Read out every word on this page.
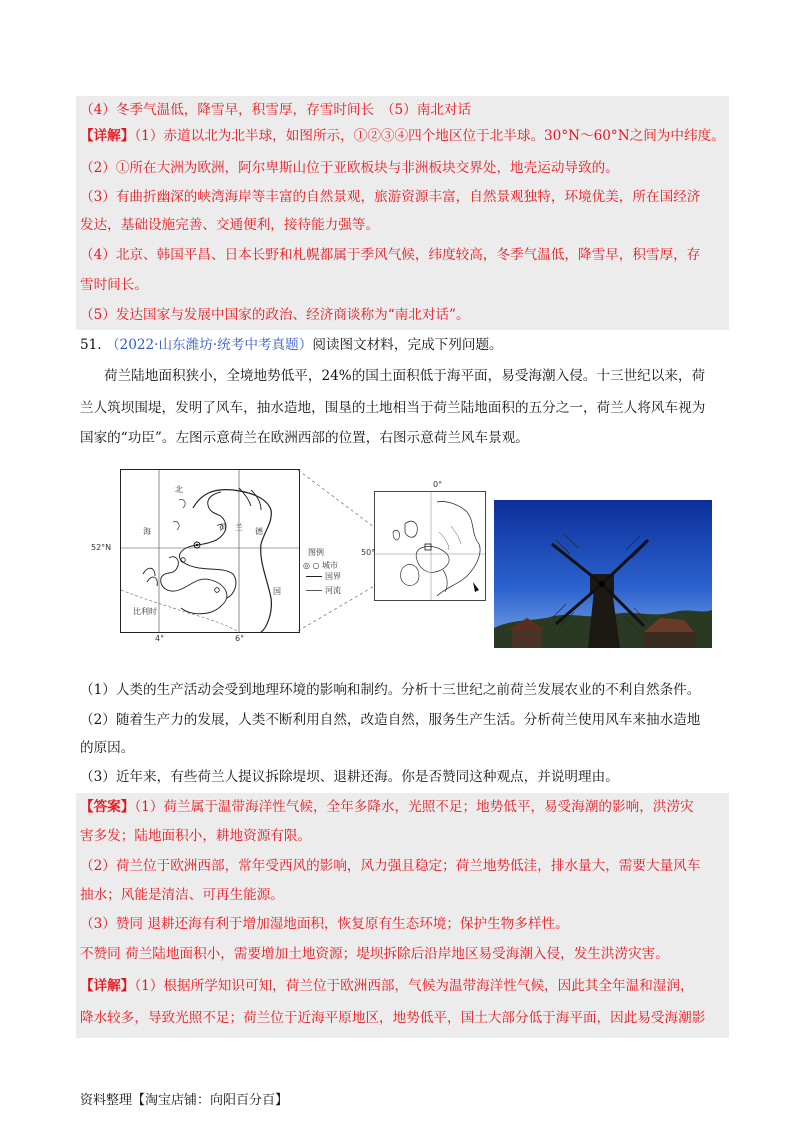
（4）冬季气温低，降雪早，积雪厚，存雪时间长　（5）南北对话
【详解】（1）赤道以北为北半球，如图所示，①②③④四个地区位于北半球。30°N～60°N之间为中纬度。
（2）①所在大洲为欧洲，阿尔卑斯山位于亚欧板块与非洲板块交界处，地壳运动导致的。
（3）有曲折幽深的峡湾海岸等丰富的自然景观，旅游资源丰富，自然景观独特，环境优美，所在国经济
发达，基础设施完善、交通便利，接待能力强等。
（4）北京、韩国平昌、日本长野和札幌都属于季风气候，纬度较高，冬季气温低，降雪早，积雪厚，存
雪时间长。
（5）发达国家与发展中国家的政治、经济商谈称为“南北对话”。
51. （2022·山东潍坊·统考中考真题）阅读图文材料，完成下列问题。
荷兰陆地面积狭小，全境地势低平，24%的国土面积低于海平面，易受海潮入侵。十三世纪以来，荷
兰人筑坝围堤，发明了风车，抽水造地，围垦的土地相当于荷兰陆地面积的五分之一，荷兰人将风车视为
国家的“功臣”。左图示意荷兰在欧洲西部的位置，右图示意荷兰风车景观。
北
海	荷　兰 德
国
52°N
比利时
4°	6°
图例
◎ ○ 城市
国界
河流
0°
50°
（1）人类的生产活动会受到地理环境的影响和制约。分析十三世纪之前荷兰发展农业的不利自然条件。
（2）随着生产力的发展，人类不断利用自然，改造自然，服务生产生活。分析荷兰使用风车来抽水造地
的原因。
（3）近年来，有些荷兰人提议拆除堤坝、退耕还海。你是否赞同这种观点，并说明理由。
【答案】（1）荷兰属于温带海洋性气候，全年多降水，光照不足；地势低平，易受海潮的影响，洪涝灾
害多发；陆地面积小，耕地资源有限。
（2）荷兰位于欧洲西部，常年受西风的影响，风力强且稳定；荷兰地势低洼，排水量大，需要大量风车
抽水；风能是清洁、可再生能源。
（3）赞同 退耕还海有利于增加湿地面积，恢复原有生态环境；保护生物多样性。
不赞同 荷兰陆地面积小，需要增加土地资源；堤坝拆除后沿岸地区易受海潮入侵，发生洪涝灾害。
【详解】（1）根据所学知识可知，荷兰位于欧洲西部，气候为温带海洋性气候，因此其全年温和湿润，
降水较多，导致光照不足；荷兰位于近海平原地区，地势低平，国土大部分低于海平面，因此易受海潮影
资料整理【淘宝店铺：向阳百分百】
